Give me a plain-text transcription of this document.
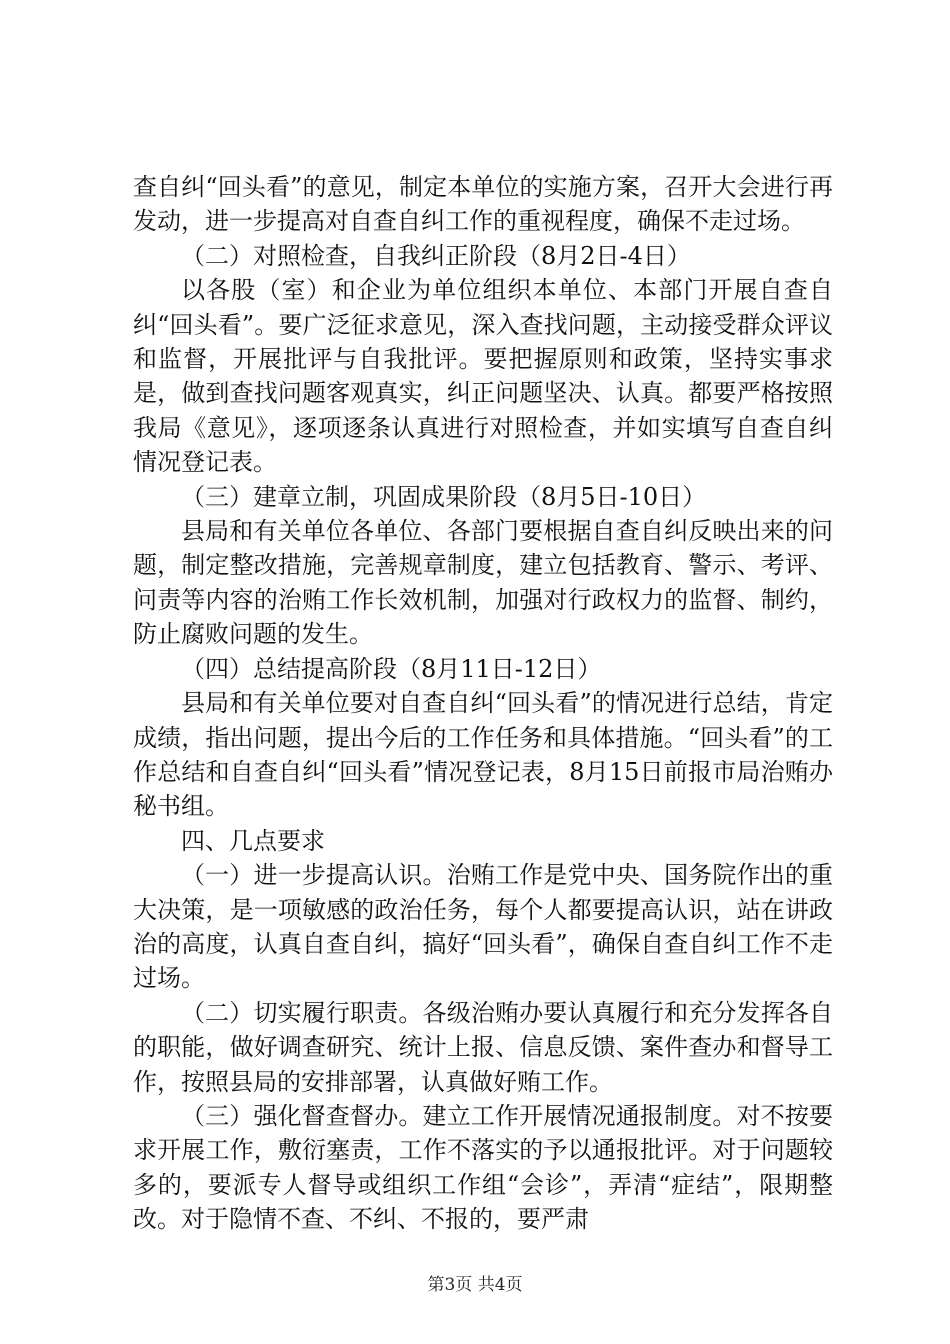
查自纠“回头看”的意见，制定本单位的实施方案，召开大会进行再发动，进一步提高对自查自纠工作的重视程度，确保不走过场。

（二）对照检查，自我纠正阶段（8月2日-4日）

以各股（室）和企业为单位组织本单位、本部门开展自查自纠“回头看”。要广泛征求意见，深入查找问题，主动接受群众评议和监督，开展批评与自我批评。要把握原则和政策，坚持实事求是，做到查找问题客观真实，纠正问题坚决、认真。都要严格按照我局《意见》，逐项逐条认真进行对照检查，并如实填写自查自纠情况登记表。

（三）建章立制，巩固成果阶段（8月5日-10日）

县局和有关单位各单位、各部门要根据自查自纠反映出来的问题，制定整改措施，完善规章制度，建立包括教育、警示、考评、问责等内容的治贿工作长效机制，加强对行政权力的监督、制约，防止腐败问题的发生。

（四）总结提高阶段（8月11日-12日）

县局和有关单位要对自查自纠“回头看”的情况进行总结，肯定成绩，指出问题，提出今后的工作任务和具体措施。“回头看”的工作总结和自查自纠“回头看”情况登记表，8月15日前报市局治贿办秘书组。

四、几点要求

（一）进一步提高认识。治贿工作是党中央、国务院作出的重大决策，是一项敏感的政治任务，每个人都要提高认识，站在讲政治的高度，认真自查自纠，搞好“回头看”，确保自查自纠工作不走过场。

（二）切实履行职责。各级治贿办要认真履行和充分发挥各自的职能，做好调查研究、统计上报、信息反馈、案件查办和督导工作，按照县局的安排部署，认真做好贿工作。

（三）强化督查督办。建立工作开展情况通报制度。对不按要求开展工作，敷衍塞责，工作不落实的予以通报批评。对于问题较多的，要派专人督导或组织工作组“会诊”，弄清“症结”，限期整改。对于隐情不查、不纠、不报的，要严肃

第3页 共4页
